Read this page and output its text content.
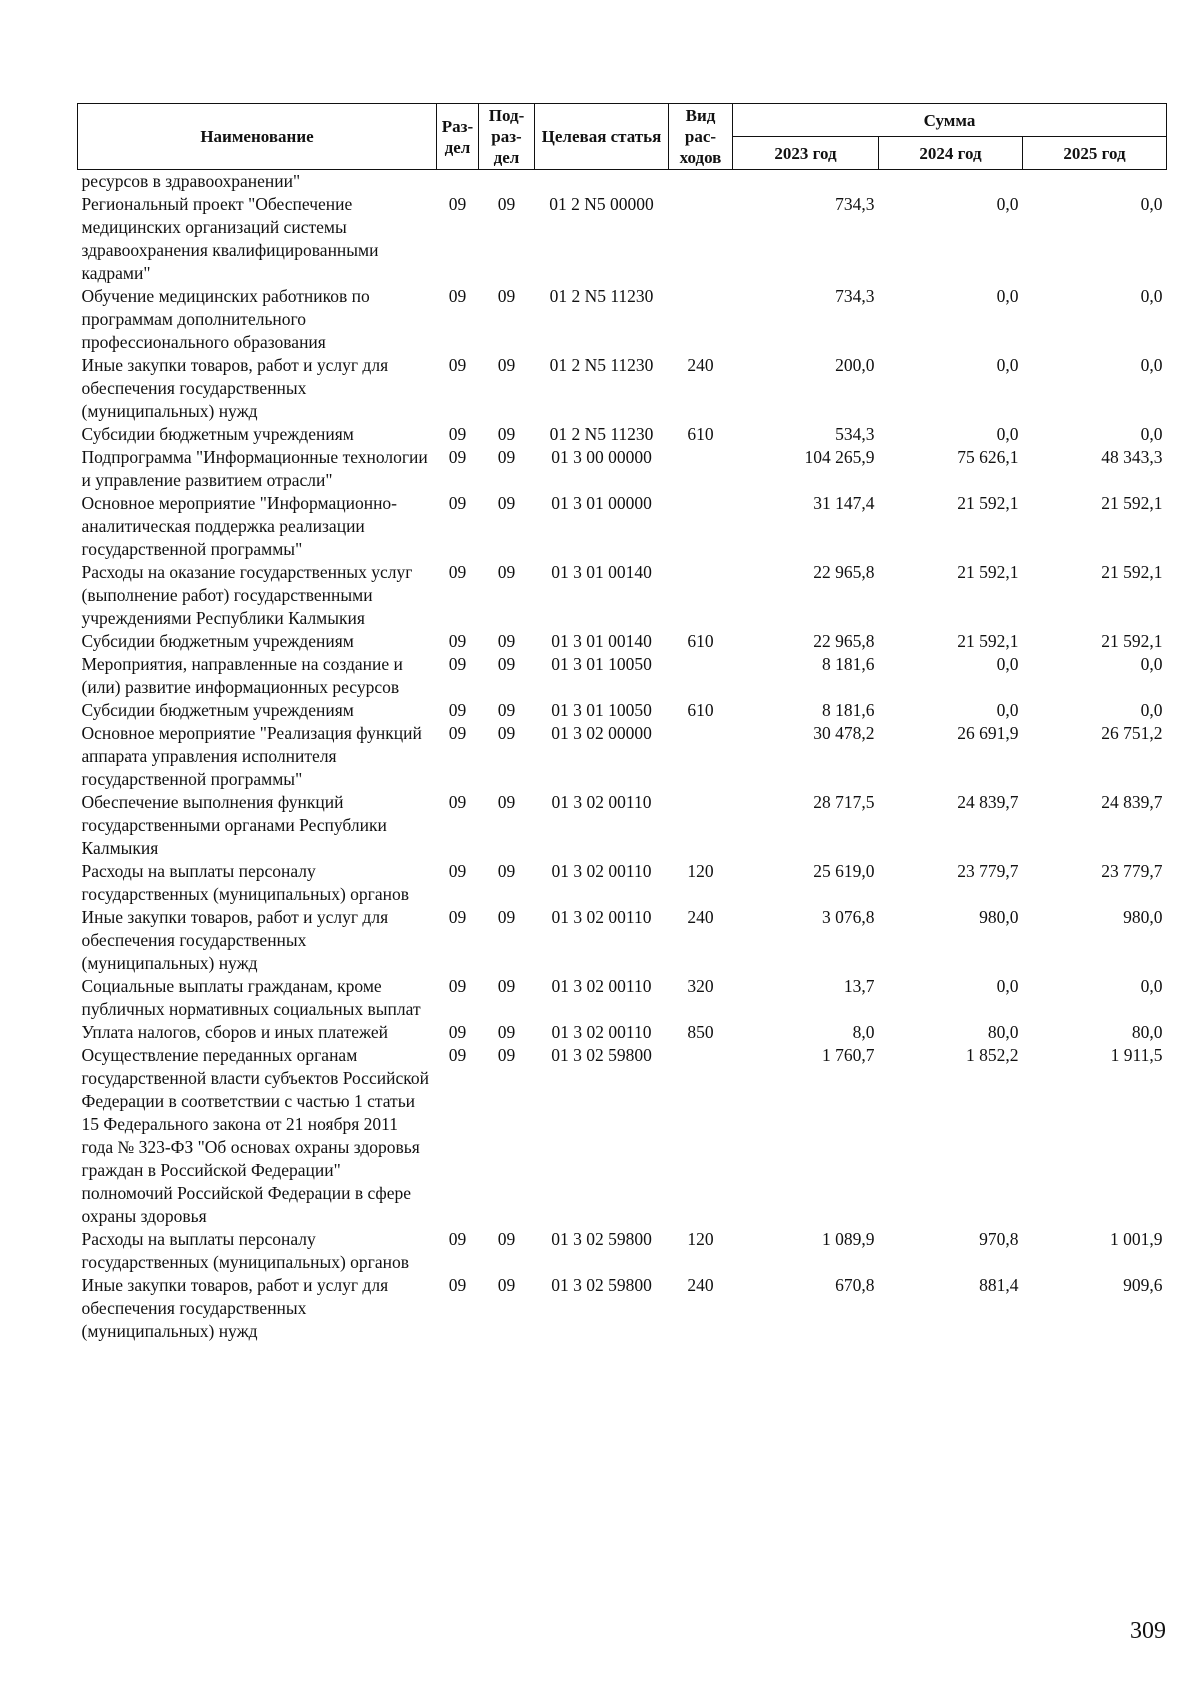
Наименование	Раз-дел	Под-раз-дел	Целевая статья	Вид рас-ходов	Сумма		
					2023 год	2024 год	2025 год
ресурсов в здравоохранении"							
Региональный проект "Обеспечение медицинских организаций системы здравоохранения квалифицированными кадрами"	09	09	01 2 N5 00000		734,3	0,0	0,0
Обучение медицинских работников по программам дополнительного профессионального образования	09	09	01 2 N5 11230		734,3	0,0	0,0
Иные закупки товаров, работ и услуг для обеспечения государственных (муниципальных) нужд	09	09	01 2 N5 11230	240	200,0	0,0	0,0
Субсидии бюджетным учреждениям	09	09	01 2 N5 11230	610	534,3	0,0	0,0
Подпрограмма "Информационные технологии и управление развитием отрасли"	09	09	01 3 00 00000		104 265,9	75 626,1	48 343,3
Основное мероприятие "Информационно-аналитическая поддержка реализации государственной программы"	09	09	01 3 01 00000		31 147,4	21 592,1	21 592,1
Расходы на оказание государственных услуг (выполнение работ) государственными учреждениями Республики Калмыкия	09	09	01 3 01 00140		22 965,8	21 592,1	21 592,1
Субсидии бюджетным учреждениям	09	09	01 3 01 00140	610	22 965,8	21 592,1	21 592,1
Мероприятия, направленные на создание и (или) развитие информационных ресурсов	09	09	01 3 01 10050		8 181,6	0,0	0,0
Субсидии бюджетным учреждениям	09	09	01 3 01 10050	610	8 181,6	0,0	0,0
Основное мероприятие "Реализация функций аппарата управления исполнителя государственной программы"	09	09	01 3 02 00000		30 478,2	26 691,9	26 751,2
Обеспечение выполнения функций государственными органами Республики Калмыкия	09	09	01 3 02 00110		28 717,5	24 839,7	24 839,7
Расходы на выплаты персоналу государственных (муниципальных) органов	09	09	01 3 02 00110	120	25 619,0	23 779,7	23 779,7
Иные закупки товаров, работ и услуг для обеспечения государственных (муниципальных) нужд	09	09	01 3 02 00110	240	3 076,8	980,0	980,0
Социальные выплаты гражданам, кроме публичных нормативных социальных выплат	09	09	01 3 02 00110	320	13,7	0,0	0,0
Уплата налогов, сборов и иных платежей	09	09	01 3 02 00110	850	8,0	80,0	80,0
Осуществление переданных органам государственной власти субъектов Российской Федерации в соответствии с частью 1 статьи 15 Федерального закона от 21 ноября 2011 года № 323-ФЗ "Об основах охраны здоровья граждан в Российской Федерации" полномочий Российской Федерации в сфере охраны здоровья	09	09	01 3 02 59800		1 760,7	1 852,2	1 911,5
Расходы на выплаты персоналу государственных (муниципальных) органов	09	09	01 3 02 59800	120	1 089,9	970,8	1 001,9
Иные закупки товаров, работ и услуг для обеспечения государственных (муниципальных) нужд	09	09	01 3 02 59800	240	670,8	881,4	909,6
309
